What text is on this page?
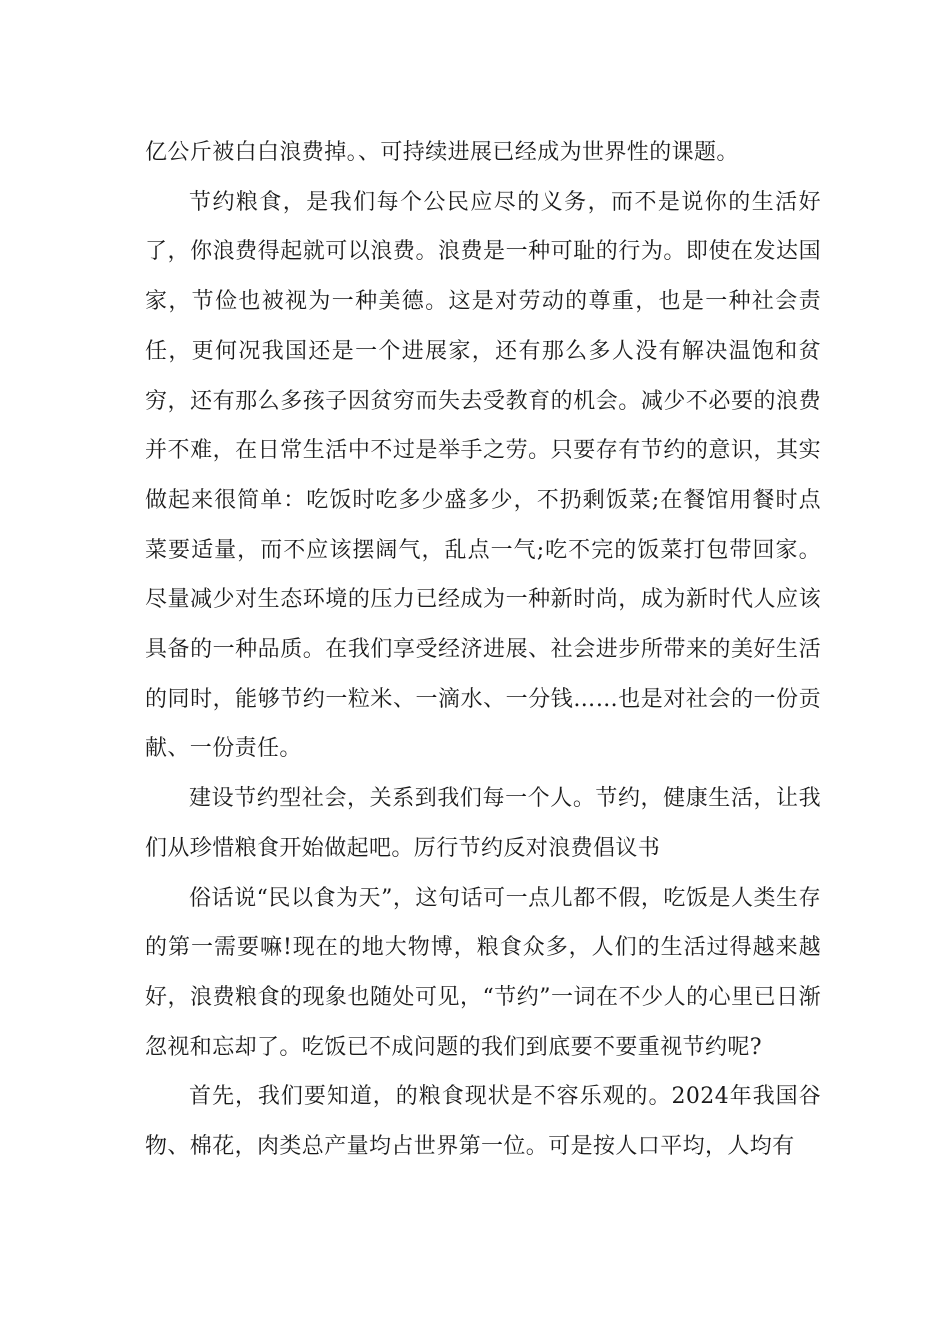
亿公斤被白白浪费掉。、可持续进展已经成为世界性的课题。

节约粮食，是我们每个公民应尽的义务，而不是说你的生活好了，你浪费得起就可以浪费。浪费是一种可耻的行为。即使在发达国家，节俭也被视为一种美德。这是对劳动的尊重，也是一种社会责任，更何况我国还是一个进展家，还有那么多人没有解决温饱和贫穷，还有那么多孩子因贫穷而失去受教育的机会。减少不必要的浪费并不难，在日常生活中不过是举手之劳。只要存有节约的意识，其实做起来很简单：吃饭时吃多少盛多少，不扔剩饭菜;在餐馆用餐时点菜要适量，而不应该摆阔气，乱点一气;吃不完的饭菜打包带回家。尽量减少对生态环境的压力已经成为一种新时尚，成为新时代人应该具备的一种品质。在我们享受经济进展、社会进步所带来的美好生活的同时，能够节约一粒米、一滴水、一分钱……也是对社会的一份贡献、一份责任。

建设节约型社会，关系到我们每一个人。节约，健康生活，让我们从珍惜粮食开始做起吧。厉行节约反对浪费倡议书

俗话说“民以食为天”，这句话可一点儿都不假，吃饭是人类生存的第一需要嘛!现在的地大物博，粮食众多，人们的生活过得越来越好，浪费粮食的现象也随处可见，“节约”一词在不少人的心里已日渐忽视和忘却了。吃饭已不成问题的我们到底要不要重视节约呢?

首先，我们要知道，的粮食现状是不容乐观的。2024年我国谷物、棉花，肉类总产量均占世界第一位。可是按人口平均，人均有
